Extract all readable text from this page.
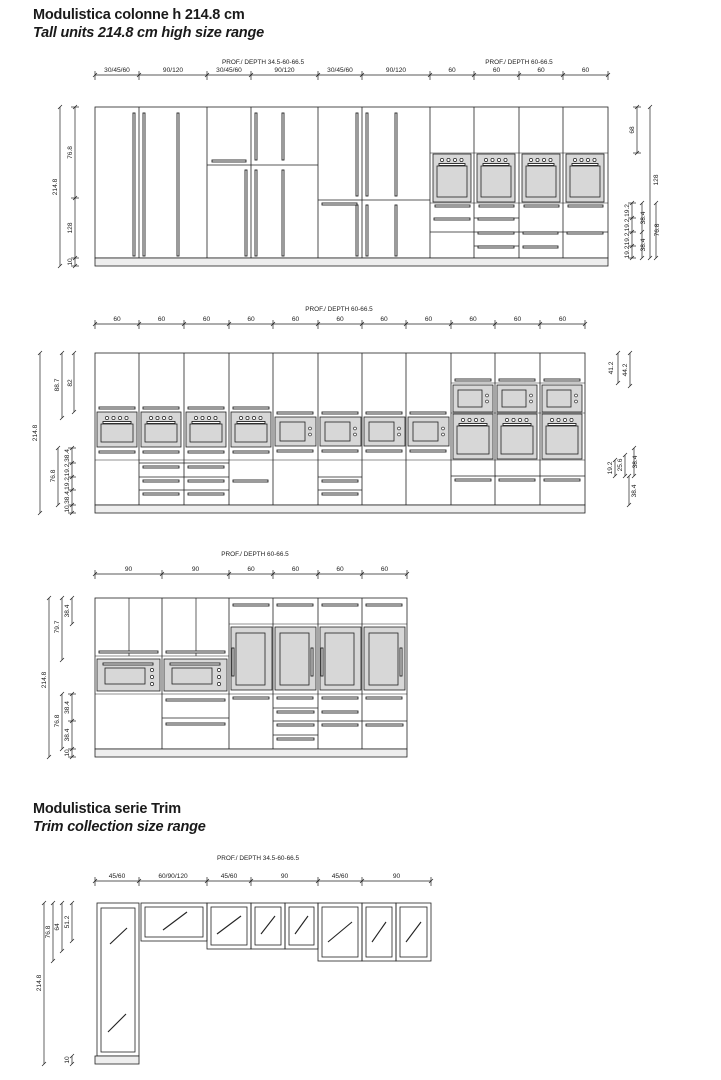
Modulistica colonne h 214.8 cm
Tall units 214.8 cm high size range
Modulistica serie Trim
Trim collection size range
PROF./ DEPTH 34.5-60-66.5	PROF./ DEPTH 60-66.5
30/45/60	90/120	30/45/60	90/120	30/45/60	90/120	60	60	60	60
76.8
128
10
214.8
68
128
19.2
19.2
19.2
19.2
38.4
38.4
76.8
PROF./ DEPTH 60-66.5
60	60	60	60	60	60	60	60	60	60	60
88.7 82
214.8
38.4
19.2
19.2
38.4
10
76.8
41.2 44.2
19.2 25.6 38.4
38.4
PROF./ DEPTH 60-66.5
90	90	60	60	60	60
38.4
79.7
214.8
38.4
38.4
10
76.8
PROF./ DEPTH 34.5-60-66.5
45/60	60/90/120	45/60	90	45/60	90
214.8
76.8 64 51.2
10
